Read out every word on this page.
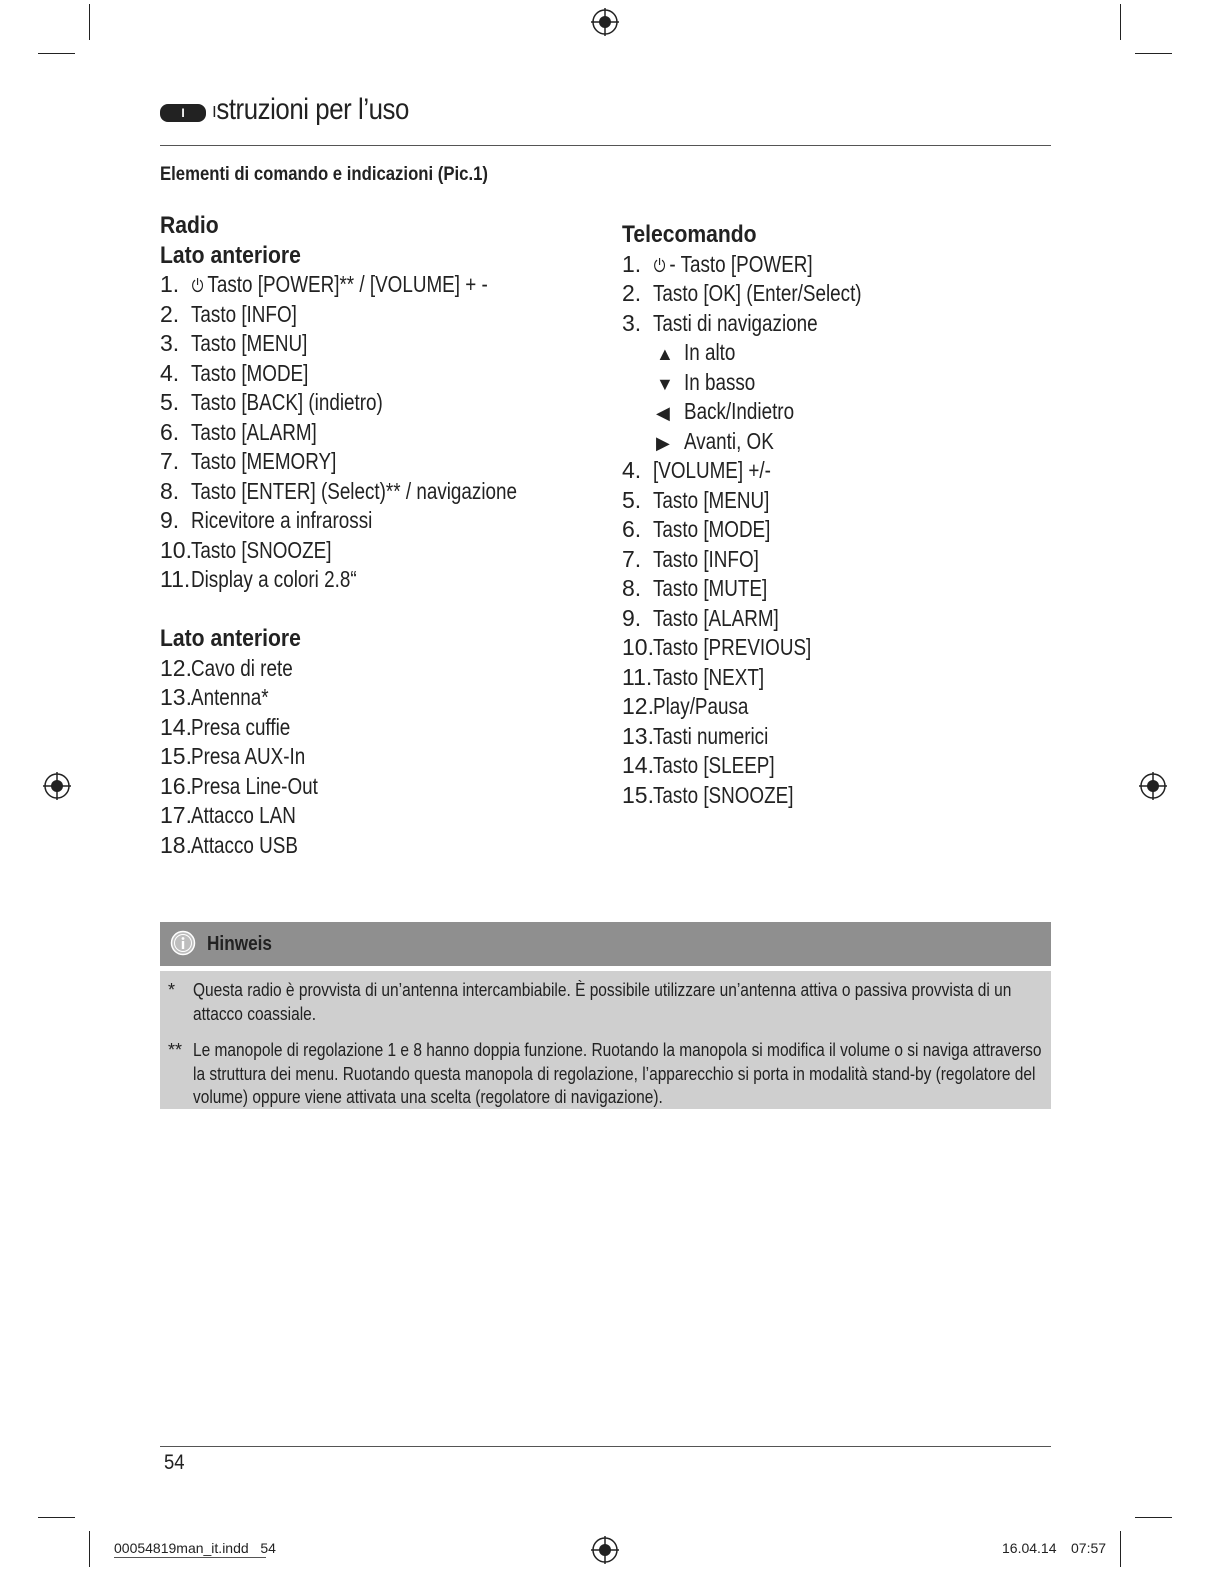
I	ıstruzioni per l’uso
Elementi di comando e indicazioni (Pic.1)
Radio
Lato anteriore
1. Tasto [POWER]** / [VOLUME] + -
2. Tasto [INFO]
3. Tasto [MENU]
4. Tasto [MODE]
5. Tasto [BACK] (indietro)
6. Tasto [ALARM]
7. Tasto [MEMORY]
8. Tasto [ENTER] (Select)** / navigazione
9. Ricevitore a infrarossi
10.Tasto [SNOOZE]
11.Display a colori 2.8“
Lato anteriore
12.Cavo di rete
13.Antenna*
14.Presa cuffie
15.Presa AUX-In
16.Presa Line-Out
17.Attacco LAN
18.Attacco USB
Telecomando
1. - Tasto [POWER]
2. Tasto [OK] (Enter/Select)
3. Tasti di navigazione
▲ In alto
▼ In basso
◀ Back/Indietro
▶ Avanti, OK
4. [VOLUME] +/-
5. Tasto [MENU]
6. Tasto [MODE]
7. Tasto [INFO]
8. Tasto [MUTE]
9. Tasto [ALARM]
10.Tasto [PREVIOUS]
11.Tasto [NEXT]
12.Play/Pausa
13.Tasti numerici
14.Tasto [SLEEP]
15.Tasto [SNOOZE]
Hinweis
* Questa radio è provvista di un’antenna intercambiabile. È possibile utilizzare un’antenna attiva o passiva provvista di un attacco coassiale.
** Le manopole di regolazione 1 e 8 hanno doppia funzione. Ruotando la manopola si modifica il volume o si naviga attraverso la struttura dei menu. Ruotando questa manopola di regolazione, l’apparecchio si porta in modalità stand-by (regolatore del volume) oppure viene attivata una scelta (regolatore di navigazione).
54
00054819man_it.indd   54	16.04.14 07:57
